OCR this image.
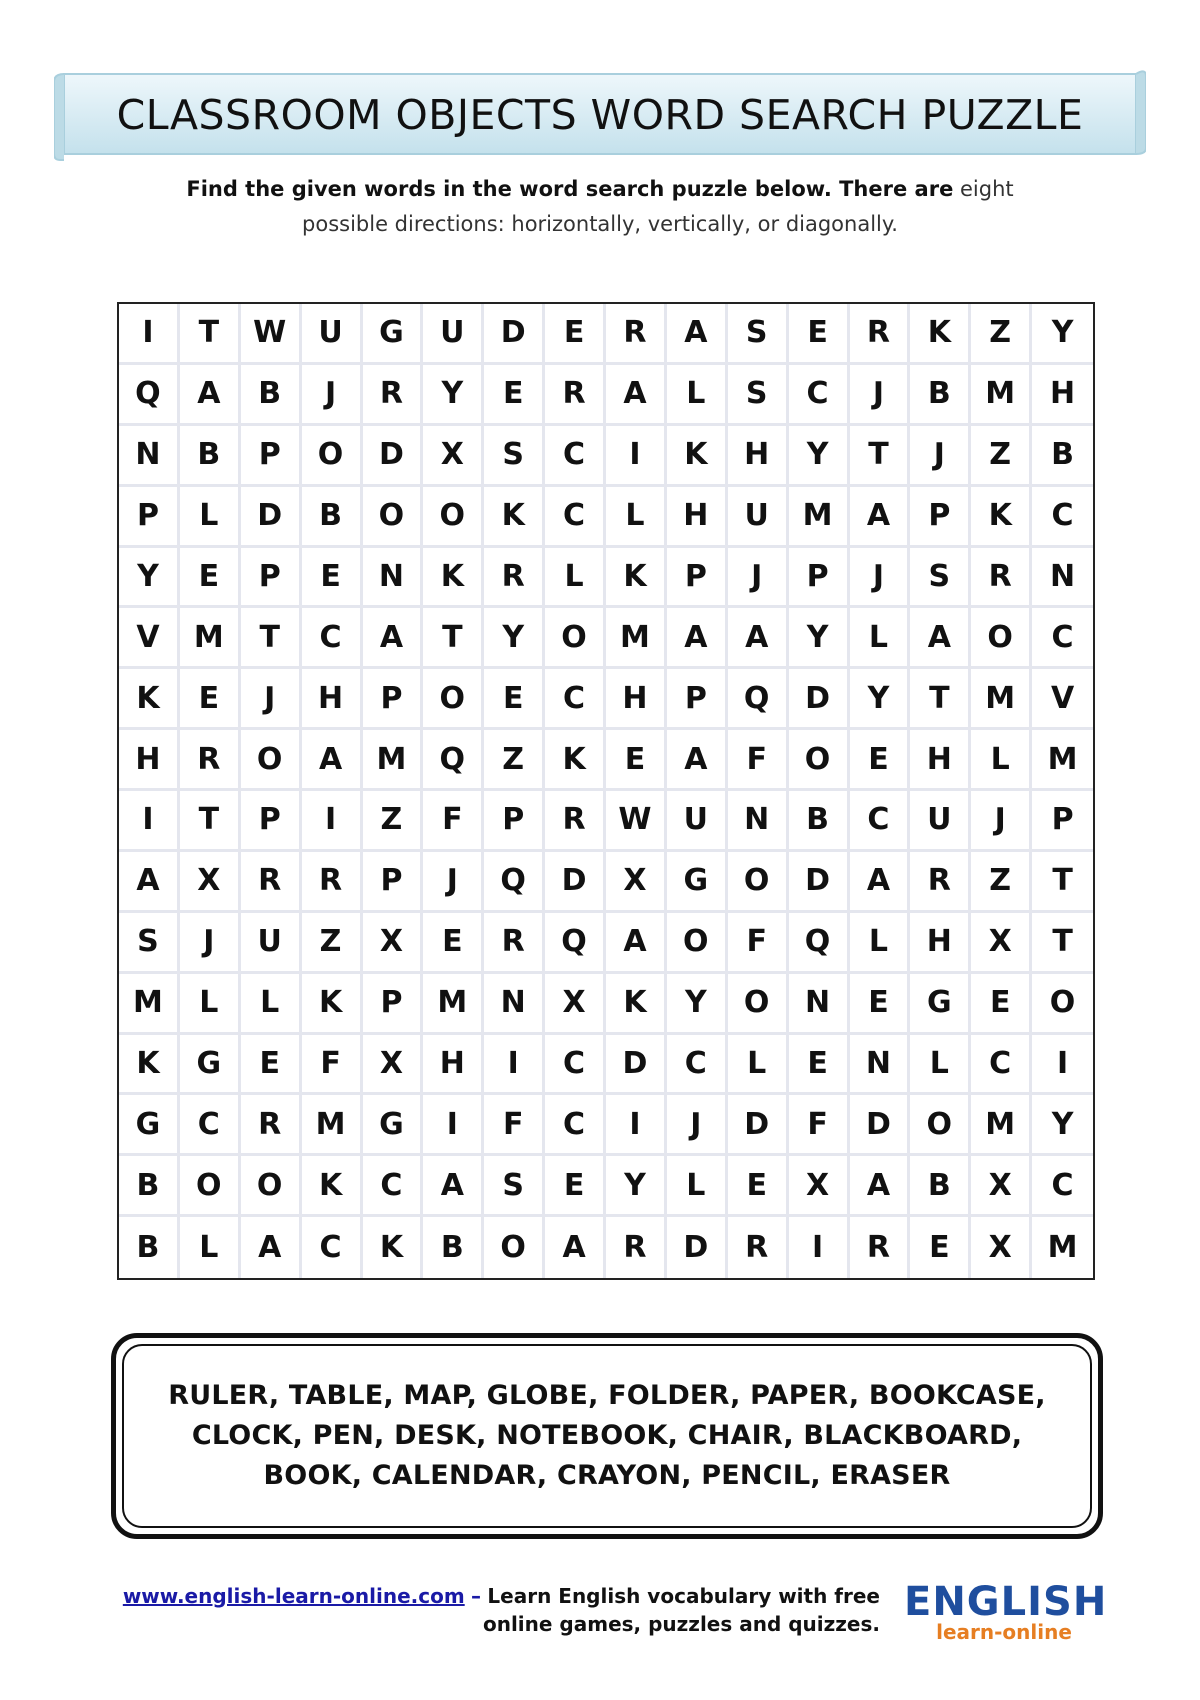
CLASSROOM OBJECTS WORD SEARCH PUZZLE
Find the given words in the word search puzzle below. There are eight
possible directions: horizontally, vertically, or diagonally.
I	T	W	U	G	U	D	E	R	A	S	E	R	K	Z	Y
Q	A	B	J	R	Y	E	R	A	L	S	C	J	B	M	H
N	B	P	O	D	X	S	C	I	K	H	Y	T	J	Z	B
P	L	D	B	O	O	K	C	L	H	U	M	A	P	K	C
Y	E	P	E	N	K	R	L	K	P	J	P	J	S	R	N
V	M	T	C	A	T	Y	O	M	A	A	Y	L	A	O	C
K	E	J	H	P	O	E	C	H	P	Q	D	Y	T	M	V
H	R	O	A	M	Q	Z	K	E	A	F	O	E	H	L	M
I	T	P	I	Z	F	P	R	W	U	N	B	C	U	J	P
A	X	R	R	P	J	Q	D	X	G	O	D	A	R	Z	T
S	J	U	Z	X	E	R	Q	A	O	F	Q	L	H	X	T
M	L	L	K	P	M	N	X	K	Y	O	N	E	G	E	O
K	G	E	F	X	H	I	C	D	C	L	E	N	L	C	I
G	C	R	M	G	I	F	C	I	J	D	F	D	O	M	Y
B	O	O	K	C	A	S	E	Y	L	E	X	A	B	X	C
B	L	A	C	K	B	O	A	R	D	R	I	R	E	X	M
RULER, TABLE, MAP, GLOBE, FOLDER, PAPER, BOOKCASE,
CLOCK, PEN, DESK, NOTEBOOK, CHAIR, BLACKBOARD,
BOOK, CALENDAR, CRAYON, PENCIL, ERASER
www.english-learn-online.com – Learn English vocabulary with free
online games, puzzles and quizzes. ENGLISH
learn-online
